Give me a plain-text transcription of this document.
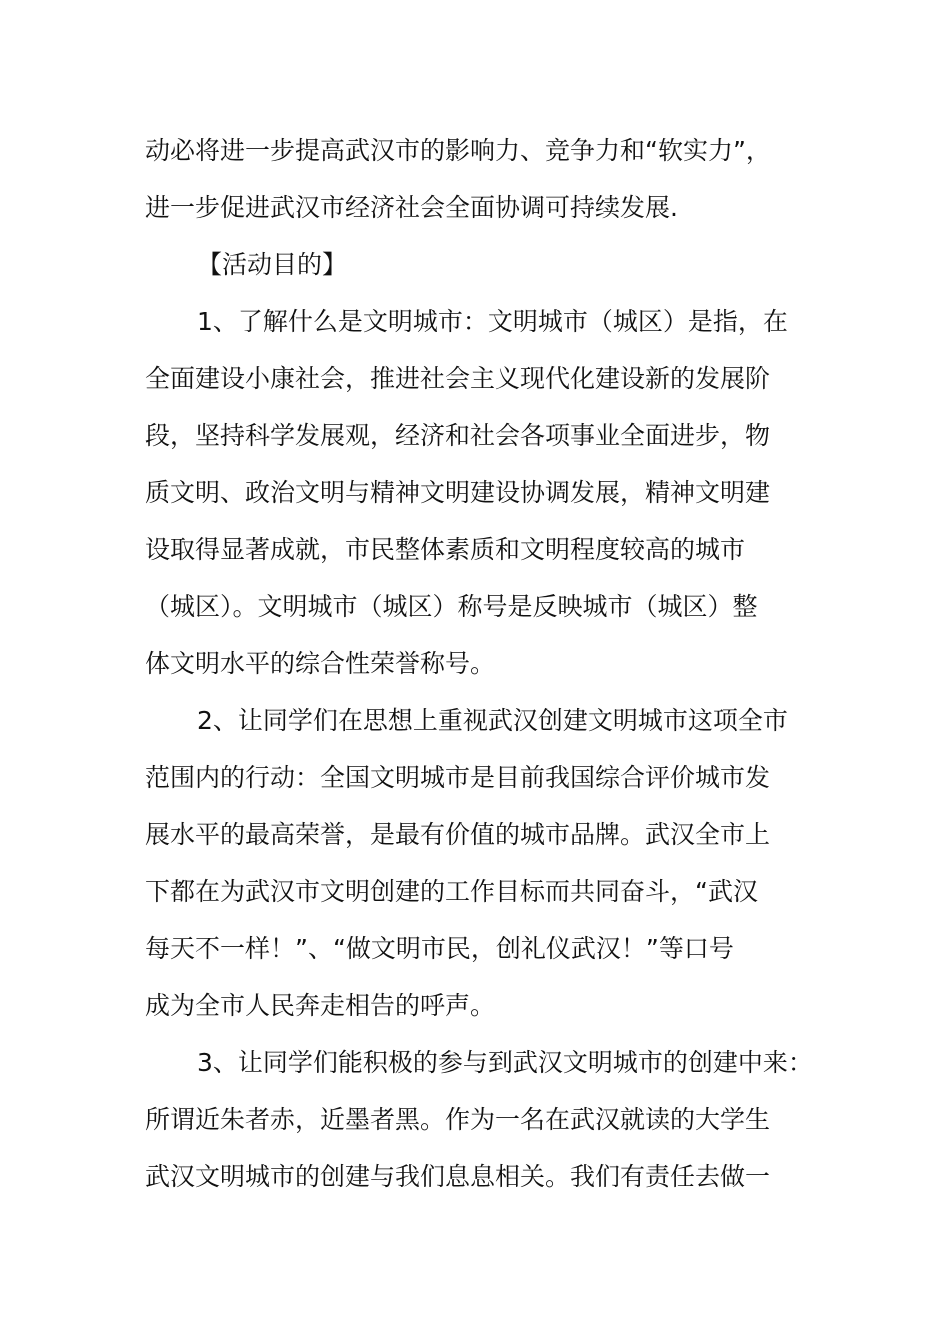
动必将进一步提高武汉市的影响力、竞争力和“软实力”，
进一步促进武汉市经济社会全面协调可持续发展.
【活动目的】
1、了解什么是文明城市：文明城市（城区）是指，在
全面建设小康社会，推进社会主义现代化建设新的发展阶
段，坚持科学发展观，经济和社会各项事业全面进步，物
质文明、政治文明与精神文明建设协调发展，精神文明建
设取得显著成就，市民整体素质和文明程度较高的城市
（城区）。文明城市（城区）称号是反映城市（城区）整
体文明水平的综合性荣誉称号。
2、让同学们在思想上重视武汉创建文明城市这项全市
范围内的行动：全国文明城市是目前我国综合评价城市发
展水平的最高荣誉，是最有价值的城市品牌。武汉全市上
下都在为武汉市文明创建的工作目标而共同奋斗，“武汉
每天不一样！”、“做文明市民，创礼仪武汉！”等口号
成为全市人民奔走相告的呼声。
3、让同学们能积极的参与到武汉文明城市的创建中来：
所谓近朱者赤，近墨者黑。作为一名在武汉就读的大学生
武汉文明城市的创建与我们息息相关。我们有责任去做一
